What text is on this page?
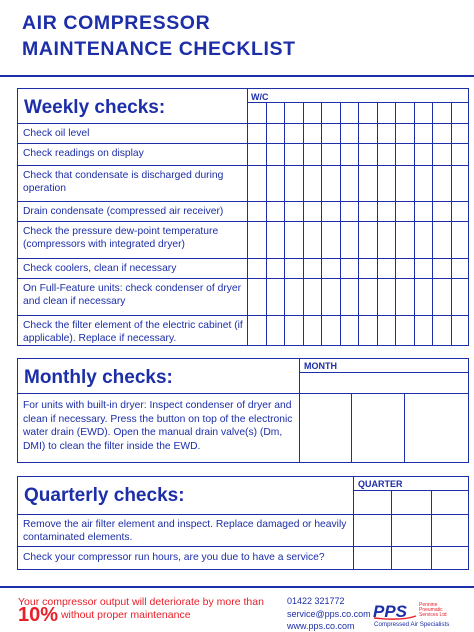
AIR COMPRESSOR
MAINTENANCE CHECKLIST
Weekly checks:	W/C
Check oil level
Check readings on display
Check that condensate is discharged during operation
Drain condensate (compressed air receiver)
Check the pressure dew-point temperature (compressors with integrated dryer)
Check coolers, clean if necessary
On Full-Feature units: check condenser of dryer and clean if necessary
Check the filter element of the electric cabinet (if applicable). Replace if necessary.
Monthly checks:
MONTH
For units with built-in dryer: Inspect condenser of dryer and clean if necessary. Press the button on top of the electronic water drain (EWD). Open the manual drain valve(s) (Dm, DMI) to clean the filter inside the EWD.
Quarterly checks:
QUARTER
Remove the air filter element and inspect. Replace damaged or heavily contaminated elements.
Check your compressor run hours, are you due to have a service?
Your compressor output will deteriorate by more than 10% without proper maintenance
01422 321772
service@pps.co.com
www.pps.co.com
PPS Pennine
Pneumatic
Services Ltd
Compressed Air Specialists
